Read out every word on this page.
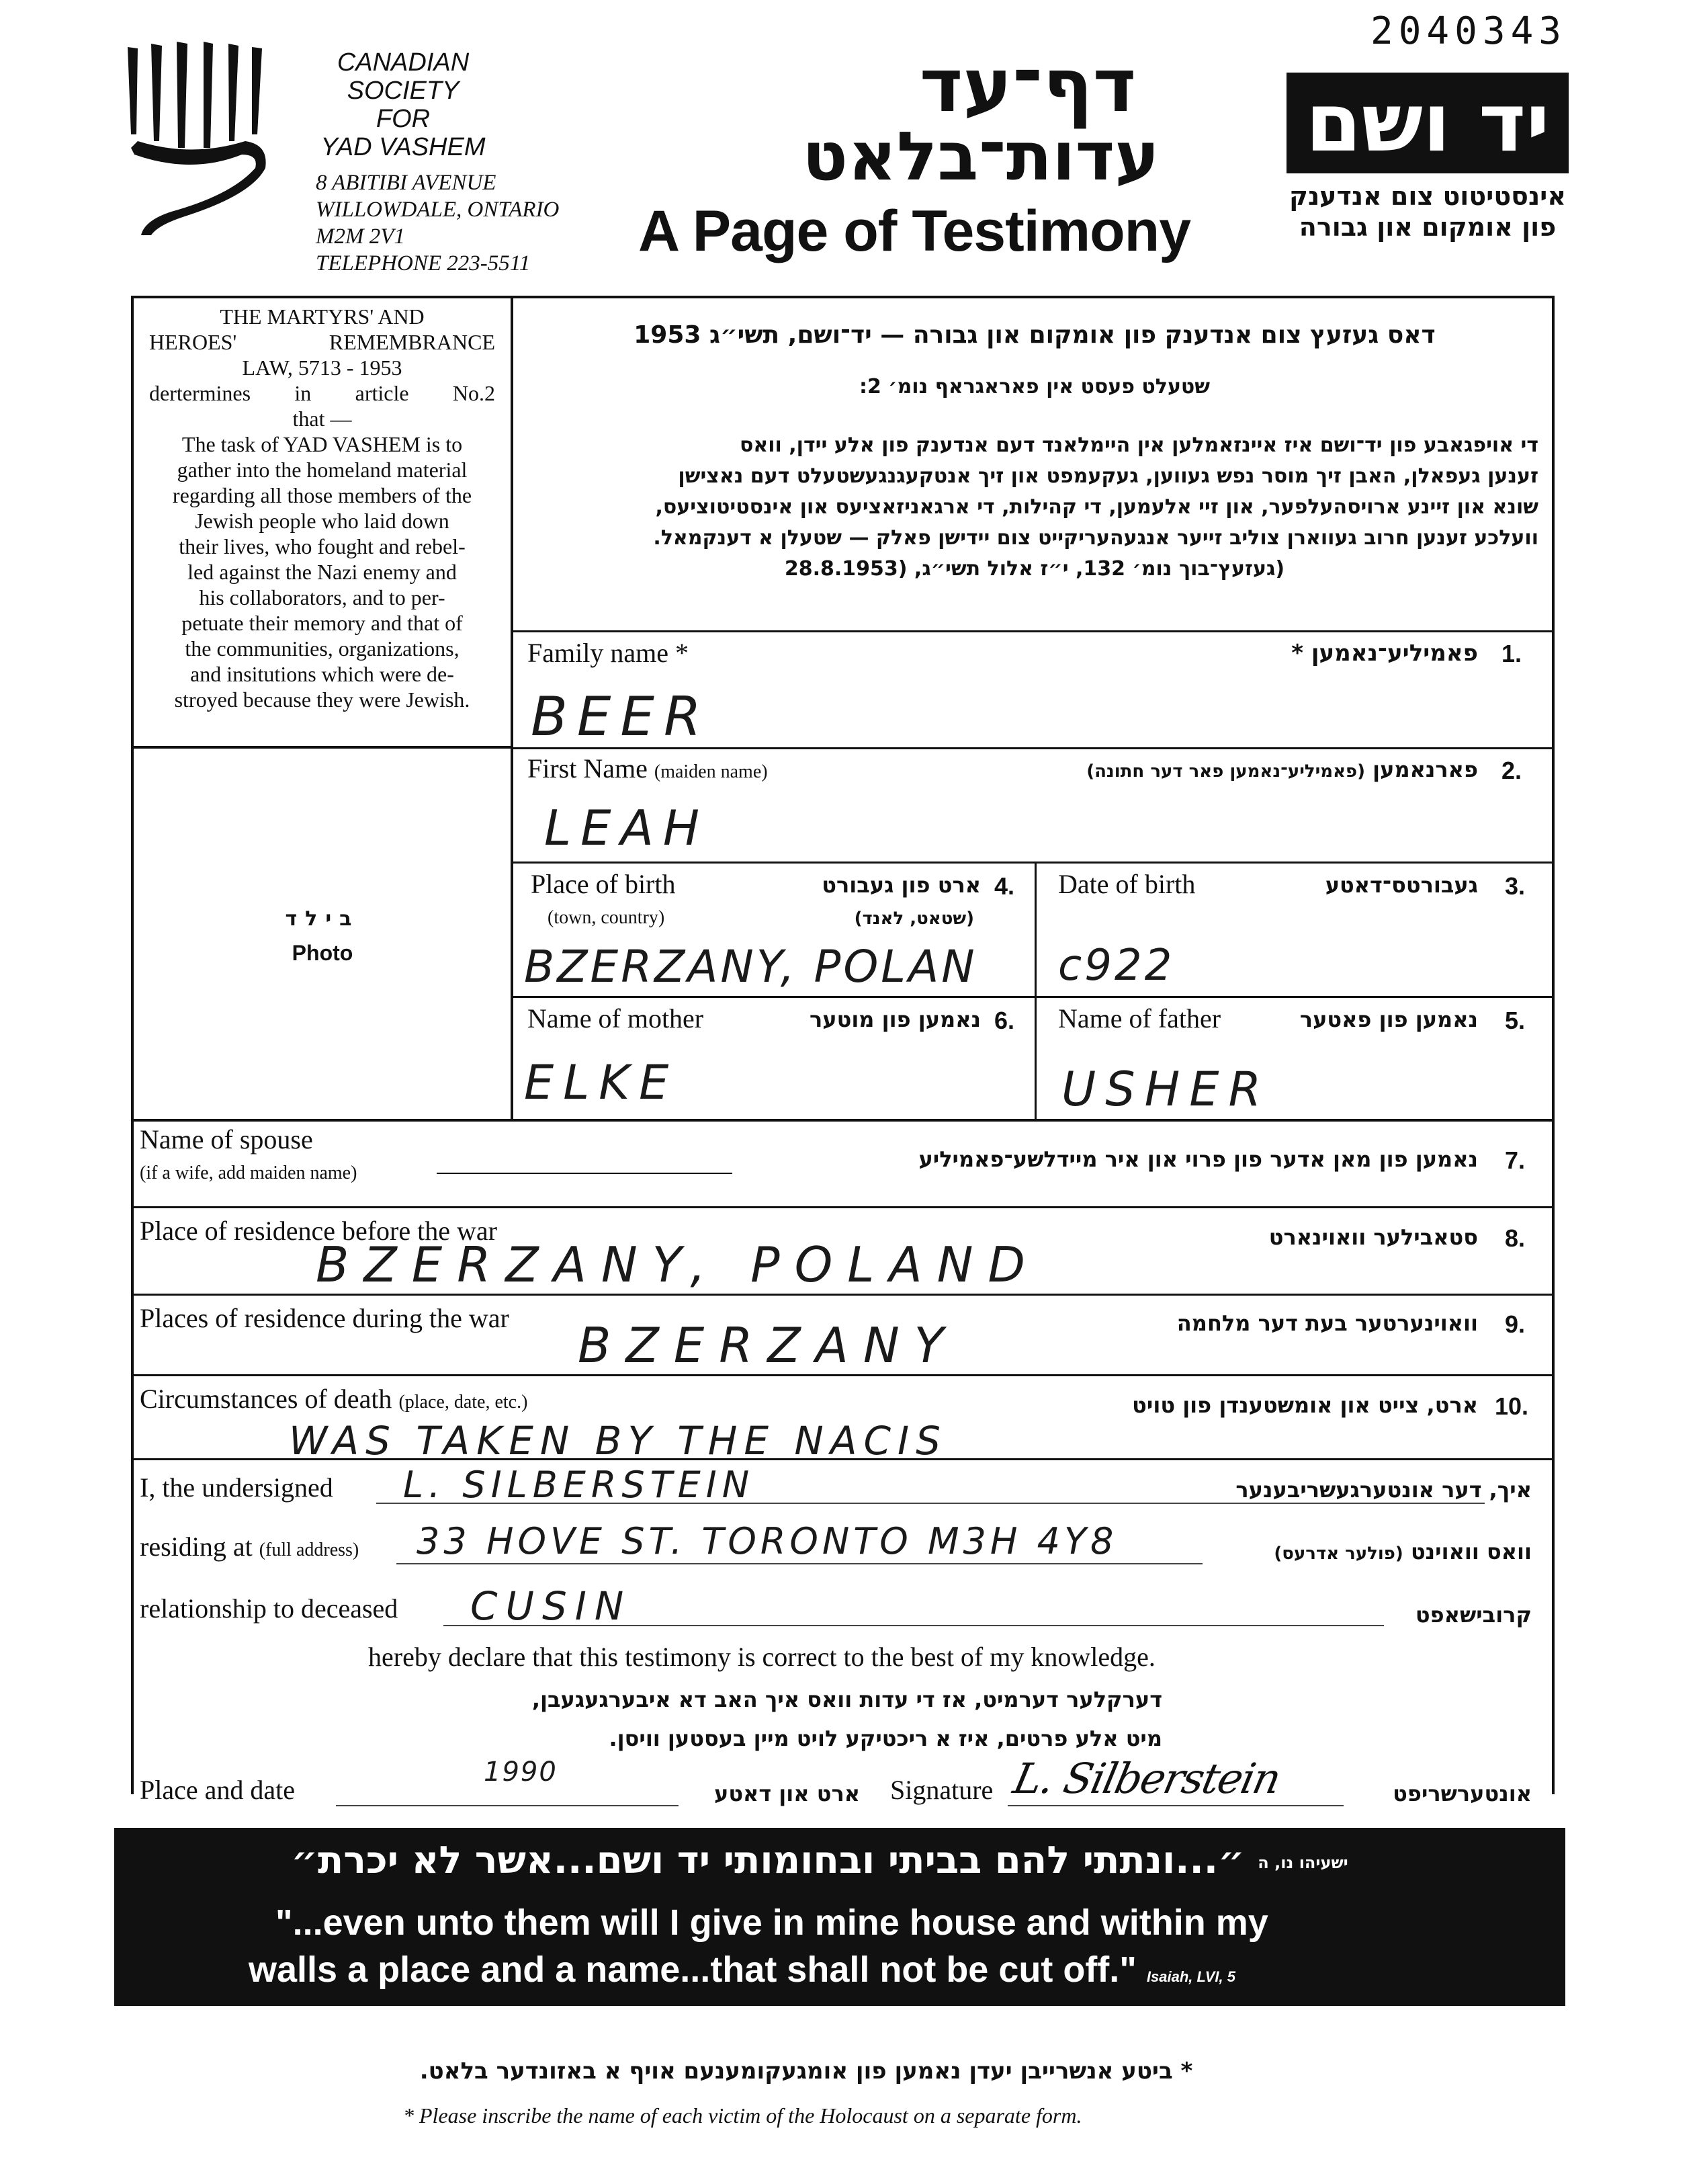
2040343
CANADIAN
SOCIETY
FOR
YAD VASHEM
8 ABITIBI AVENUE
WILLOWDALE, ONTARIO
M2M 2V1
TELEPHONE 223-5511
דף־עד
עדות־בלאט
A Page of Testimony
יד ושם
אינסטיטוט צום אנדענק
פון אומקום און גבורה
THE MARTYRS' AND
HEROES' REMEMBRANCE
LAW, 5713 - 1953
dertermines in article No.2
that —
The task of YAD VASHEM is to
gather into the homeland material
regarding all those members of the
Jewish people who laid down
their lives, who fought and rebel-
led against the Nazi enemy and
his collaborators, and to per-
petuate their memory and that of
the communities, organizations,
and insitutions which were de-
stroyed because they were Jewish.
בילד
Photo
דאס געזעץ צום אנדענק פון אומקום און גבורה — יד־ושם, תשי״ג 1953
שטעלט פעסט אין פאראגראף נומ׳ 2:
די אויפגאבע פון יד־ושם איז איינזאמלען אין היימלאנד דעם אנדענק פון אלע יידן, וואס
זענען געפאלן, האבן זיך מוסר נפש געווען, געקעמפט און זיך אנטקעגנגעשטעלט דעם נאצישן
שונא און זיינע ארויסהעלפער, און זיי אלעמען, די קהילות, די ארגאניזאציעס און אינסטיטוציעס,
וועלכע זענען חרוב געווארן צוליב זייער אנגעהעריקייט צום יידישן פאלק — שטעלן א דענקמאל.
(געזעץ־בוך נומ׳ 132, י״ז אלול תשי״ג, (28.8.1953
Family name *	פאמיליע־נאמען * 1.
BEER
First Name (maiden name)	פארנאמען (פאמיליע־נאמען פאר דער חתונה)	2.
LEAH
Place of birth
(town, country)
ארט פון געבורט
(שטאט, לאנד)
4.
BZERZANY, POLAN
Date of birth	געבורטס־דאטע 3.
c922
Name of mother	נאמען פון מוטער 6.
ELKE
Name of father	נאמען פון פאטער 5.
USHER
Name of spouse
(if a wife, add maiden name)
נאמען פון מאן אדער פון פרוי און איר מיידלשע־פאמיליע 7.
Place of residence before the war	סטאבילער וואוינארט 8.
BZERZANY, POLAND
Places of residence during the war	וואוינערטער בעת דער מלחמה 9.
BZERZANY
Circumstances of death (place, date, etc.)	ארט, צייט און אומשטענדן פון טויט 10.
WAS TAKEN BY THE NACIS
I, the undersigned L. SILBERSTEIN	איך, דער אונטערגעשריבענער
residing at (full address) 33 HOVE ST. TORONTO M3H 4Y8	וואס וואוינט (פולער אדרעס)
relationship to deceased CUSIN	קרובישאפט
hereby declare that this testimony is correct to the best of my knowledge.
דערקלער דערמיט, אז די עדות וואס איך האב דא איבערגעגעבן,
מיט אלע פרטים, איז א ריכטיקע לויט מיין בעסטען וויסן.
Place and date
1990
ארט און דאטע Signature L. Silberstein	אונטערשריפט
ישעיהו נו, ה ״...ונתתי להם בביתי ובחומותי יד ושם...אשר לא יכרת״
"...even unto them will I give in mine house and within my
walls a place and a name...that shall not be cut off." Isaiah, LVI, 5
* ביטע אנשרייבן יעדן נאמען פון אומגעקומענעם אויף א באזונדער בלאט.
* Please inscribe the name of each victim of the Holocaust on a separate form.
